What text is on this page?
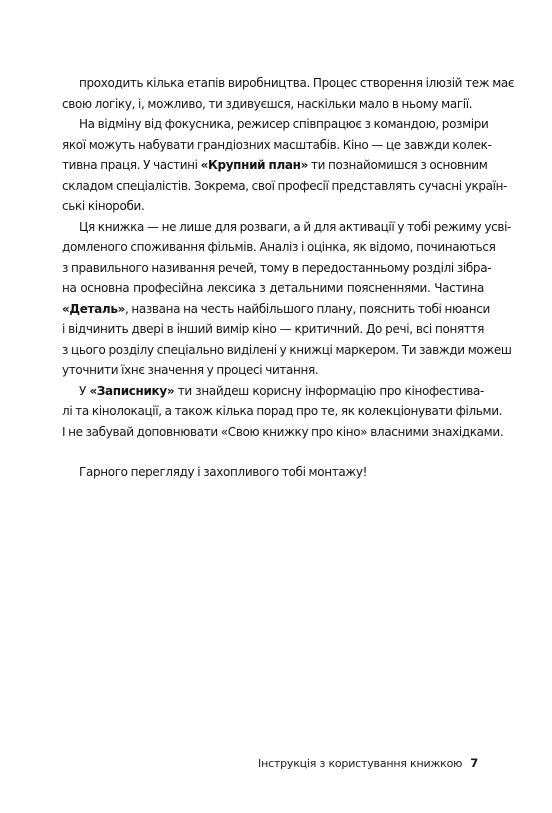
проходить кілька етапів виробництва. Процес створення ілюзій теж має
свою логіку, і, можливо, ти здивуєшся, наскільки мало в ньому магії.
На відміну від фокусника, режисер співпрацює з командою, розміри
якої можуть набувати грандіозних масштабів. Кіно — це завжди колек-
тивна праця. У частині «Крупний план» ти познайомишся з основним
складом спеціалістів. Зокрема, свої професії представлять сучасні україн-
ські кінороби.
Ця книжка — не лише для розваги, а й для активації у тобі режиму усві-
домленого споживання фільмів. Аналіз і оцінка, як відомо, починаються
з правильного називання речей, тому в передостанньому розділі зібра-
на основна професійна лексика з детальними поясненнями. Частина
«Деталь», названа на честь найбільшого плану, пояснить тобі нюанси
і відчинить двері в інший вимір кіно — критичний. До речі, всі поняття
з цього розділу спеціально виділені у книжці маркером. Ти завжди можеш
уточнити їхнє значення у процесі читання.
У «Записнику» ти знайдеш корисну інформацію про кінофестива-
лі та кінолокації, а також кілька порад про те, як колекціонувати фільми.
І не забувай доповнювати «Свою книжку про кіно» власними знахідками.
Гарного перегляду і захопливого тобі монтажу!
Інструкція з користування книжкою 7
